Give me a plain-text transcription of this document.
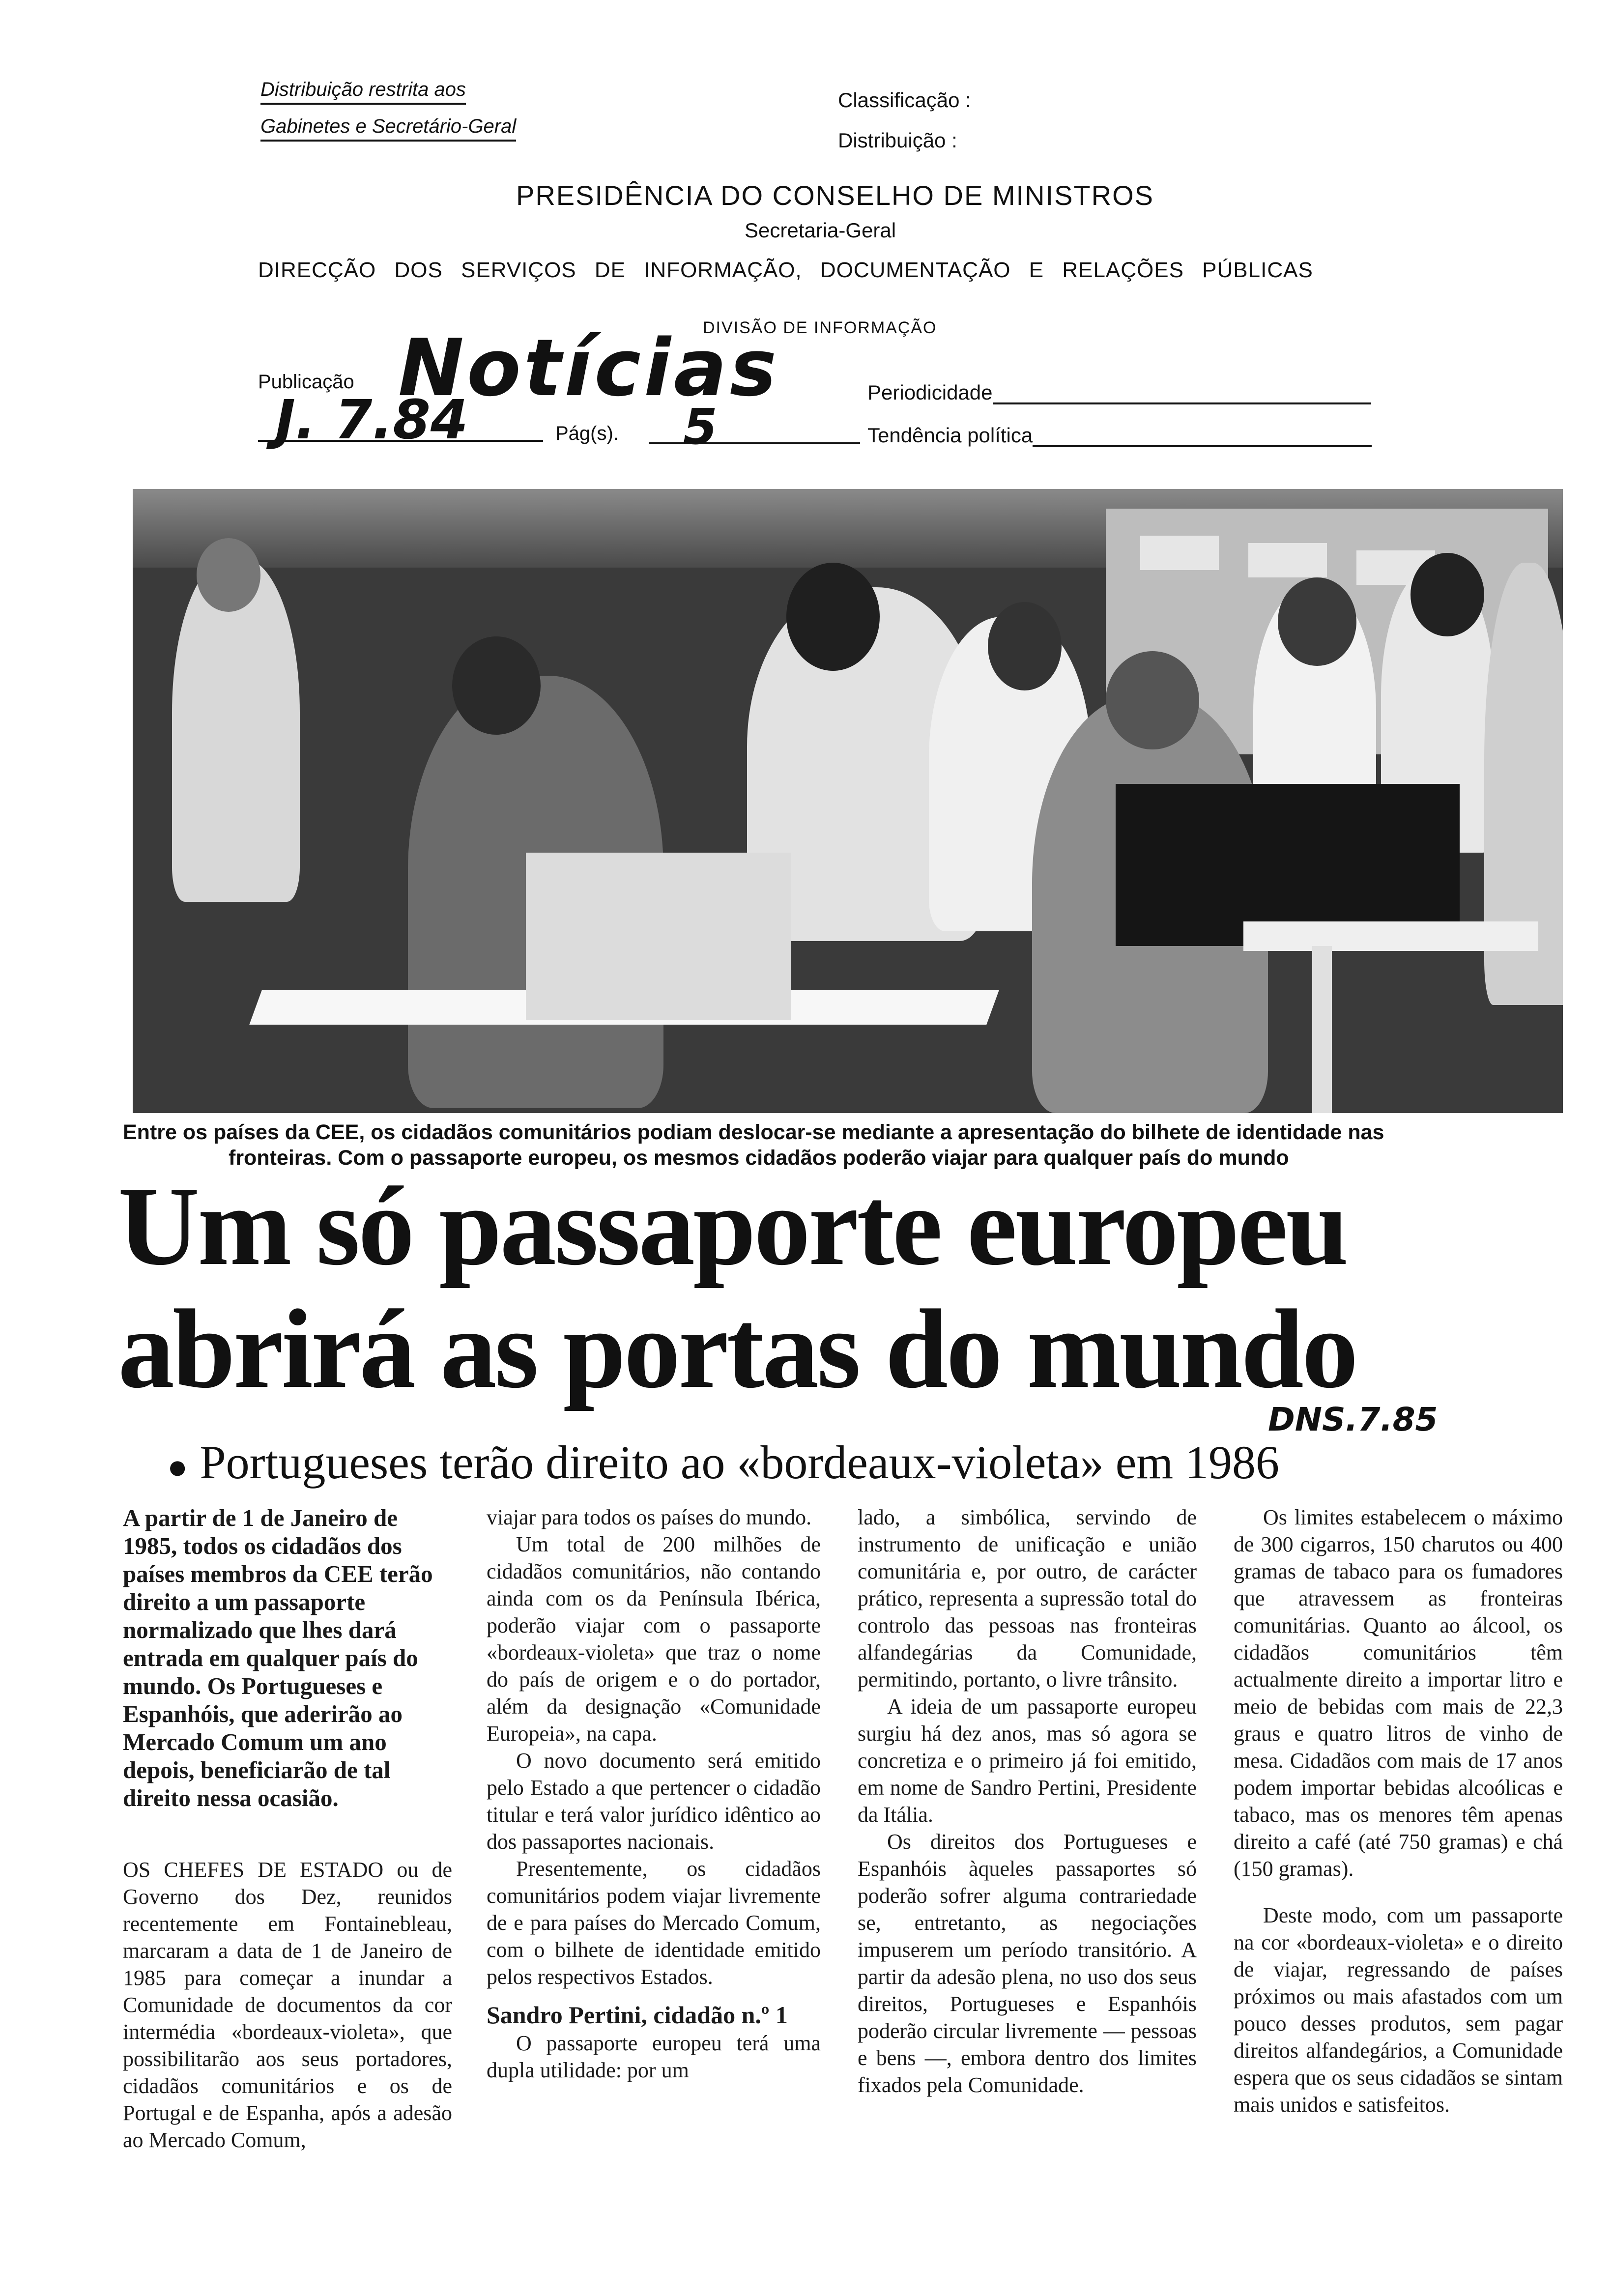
Distribuição restrita aos
Gabinetes e Secretário-Geral
Classificação :
Distribuição :
PRESIDÊNCIA DO CONSELHO DE MINISTROS
Secretaria-Geral
DIRECÇÃO DOS SERVIÇOS DE INFORMAÇÃO, DOCUMENTAÇÃO E RELAÇÕES PÚBLICAS
DIVISÃO DE INFORMAÇÃO
Publicação Notícias	Periodicidade
J. 7.84	Pág(s). 5	Tendência política
Entre os países da CEE, os cidadãos comunitários podiam deslocar-se mediante a apresentação do bilhete de identidade nas
fronteiras. Com o passaporte europeu, os mesmos cidadãos poderão viajar para qualquer país do mundo
Um só passaporte europeu
abrirá as portas do mundo
DNS.7.85
● Portugueses terão direito ao «bordeaux-violeta» em 1986

A partir de 1 de Janeiro de 1985, todos os cidadãos dos países membros da CEE terão direito a um passaporte normalizado que lhes dará entrada em qualquer país do mundo. Os Portugueses e Espanhóis, que aderirão ao Mercado Comum um ano depois, beneficiarão de tal direito nessa ocasião.

OS CHEFES DE ESTADO ou de Governo dos Dez, reunidos recentemente em Fontainebleau, marcaram a data de 1 de Janeiro de 1985 para começar a inundar a Comunidade de documentos da cor intermédia «bordeaux-violeta», que possibilitarão aos seus portadores, cidadãos comunitários e os de Portugal e de Espanha, após a adesão ao Mercado Comum,

viajar para todos os países do mundo.

Um total de 200 milhões de cidadãos comunitários, não contando ainda com os da Península Ibérica, poderão viajar com o passaporte «bordeaux-violeta» que traz o nome do país de origem e o do portador, além da designação «Comunidade Europeia», na capa.

O novo documento será emitido pelo Estado a que pertencer o cidadão titular e terá valor jurídico idêntico ao dos passaportes nacionais.

Presentemente, os cidadãos comunitários podem viajar livremente de e para países do Mercado Comum, com o bilhete de identidade emitido pelos respectivos Estados.

Sandro Pertini, cidadão n.º 1

O passaporte europeu terá uma dupla utilidade: por um

lado, a simbólica, servindo de instrumento de unificação e união comunitária e, por outro, de carácter prático, representa a supressão total do controlo das pessoas nas fronteiras alfandegárias da Comunidade, permitindo, portanto, o livre trânsito.

A ideia de um passaporte europeu surgiu há dez anos, mas só agora se concretiza e o primeiro já foi emitido, em nome de Sandro Pertini, Presidente da Itália.

Os direitos dos Portugueses e Espanhóis àqueles passaportes só poderão sofrer alguma contrariedade se, entretanto, as negociações impuserem um período transitório. A partir da adesão plena, no uso dos seus direitos, Portugueses e Espanhóis poderão circular livremente — pessoas e bens —, embora dentro dos limites fixados pela Comunidade.

Os limites estabelecem o máximo de 300 cigarros, 150 charutos ou 400 gramas de tabaco para os fumadores que atravessem as fronteiras comunitárias. Quanto ao álcool, os cidadãos comunitários têm actualmente direito a importar litro e meio de bebidas com mais de 22,3 graus e quatro litros de vinho de mesa. Cidadãos com mais de 17 anos podem importar bebidas alcoólicas e tabaco, mas os menores têm apenas direito a café (até 750 gramas) e chá (150 gramas).

Deste modo, com um passaporte na cor «bordeaux-violeta» e o direito de viajar, regressando de países próximos ou mais afastados com um pouco desses produtos, sem pagar direitos alfandegários, a Comunidade espera que os seus cidadãos se sintam mais unidos e satisfeitos.
